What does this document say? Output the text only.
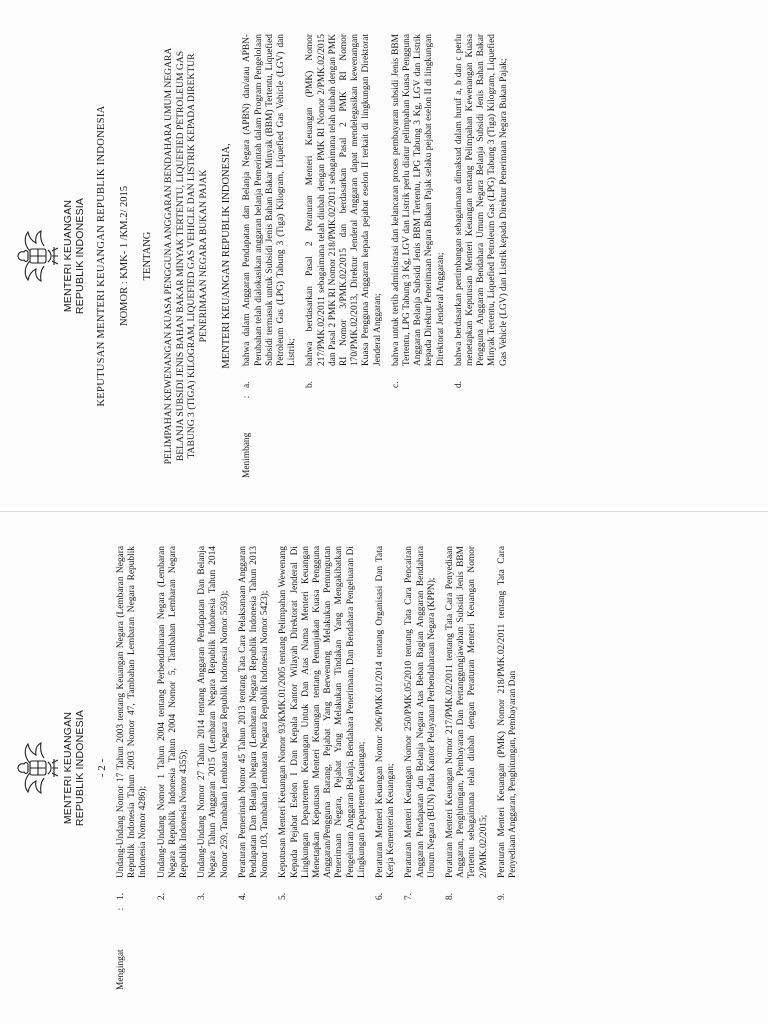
MENTERI KEUANGAN REPUBLIK INDONESIA KEPUTUSAN MENTERI KEUANGAN REPUBLIK INDONESIA NOMOR : KMK- 1 /KM.2/ 2015 TENTANG PELIMPAHAN KEWENANGAN KUASA PENGGUNA ANGGARAN BENDAHARA UMUM NEGARA BELANJA SUBSIDI JENIS BAHAN BAKAR MINYAK TERTENTU, LIQUEFIED PETROLEUM GAS TABUNG 3 (TIGA) KILOGRAM, LIQUEFIED GAS VEHICLE DAN LISTRIK KEPADA DIREKTUR PENERIMAAN NEGARA BUKAN PAJAK MENTERI KEUANGAN REPUBLIK INDONESIA,
Menimbang
:
a.
bahwa dalam Anggaran Pendapatan dan Belanja Negara (APBN) dan/atau APBN-Perubahan telah dialokasikan anggaran belanja Pemerintah dalam Program Pengelolaan Subsidi termasuk untuk Subsidi Jenis Bahan Bakar Minyak (BBM) Tertentu, Liquefied Petroleum Gas (LPG) Tabung 3 (Tiga) Kilogram, Liquefied Gas Vehicle (LGV) dan Listrik;
b.
bahwa berdasarkan Pasal 2 Peraturan Menteri Keuangan (PMK) Nomor 217/PMK.02/2011 sebagaimana telah diubah dengan PMK RI Nomor 2/PMK.02/2015 dan Pasal 2 PMK RI Nomor 218/PMK.02/2011 sebagaimana telah diubah dengan PMK RI Nomor 3/PMK.02/2015 dan berdasarkan Pasal 2 PMK RI Nomor 170/PMK.02/2013, Direktur Jenderal Anggaran dapat mendelegasikan kewenangan Kuasa Pengguna Anggaran kepada pejabat eselon II terkait di lingkungan Direktorat Jenderal Anggaran;
c.
bahwa untuk tertib administrasi dan kelancaran proses pembayaran subsidi Jenis BBM Tertentu, LPG Tabung 3 Kg, LGV dan Listrik perlu diatur pelimpahan Kuasa Pengguna Anggaran Belanja Subsidi Jenis BBM Tertentu, LPG Tabung 3 Kg, LGV dan Listrik kepada Direktur Penerimaan Negara Bukan Pajak selaku pejabat eselon II di lingkungan Direktorat Jenderal Anggaran;
d.
bahwa berdasarkan pertimbangan sebagaimana dimaksud dalam huruf a, b dan c perlu menetapkan Keputusan Menteri Keuangan tentang Pelimpahan Kewenangan Kuasa Pengguna Anggaran Bendahara Umum Negara Belanja Subsidi Jenis Bahan Bakar Minyak Tertentu, Liquefied Petroleum Gas (LPG) Tabung 3 (Tiga) Kilogram, Liquefied Gas Vehicle (LGV) dan Listrik kepada Direktur Penerimaan Negara Bukan Pajak;
MENTERI KEUANGAN REPUBLIK INDONESIA - 2 -
Mengingat
:
1.
Undang-Undang Nomor 17 Tahun 2003 tentang Keuangan Negara (Lembaran Negara Republik Indonesia Tahun 2003 Nomor 47, Tambahan Lembaran Negara Republik Indonesia Nomor 4286);
2.
Undang-Undang Nomor 1 Tahun 2004 tentang Perbendaharaan Negara (Lembaran Negara Republik Indonesia Tahun 2004 Nomor 5, Tambahan Lembaran Negara Republik Indonesia Nomor 4355);
3.
Undang-Undang Nomor 27 Tahun 2014 tentang Anggaran Pendapatan Dan Belanja Negara Tahun Anggaran 2015 (Lembaran Negara Republik Indonesia Tahun 2014 Nomor 259, Tambahan Lembaran Negara Republik Indonesia Nomor 5593);
4.
Peraturan Pemerintah Nomor 45 Tahun 2013 tentang Tata Cara Pelaksanaan Anggaran Pendapatan Dan Belanja Negara (Lembaran Negara Republik Indonesia Tahun 2013 Nomor 103, Tambahan Lembaran Negara Republik Indonesia Nomor 5423);
5.
Keputusan Menteri Keuangan Nomor 93/KMK.01/2005 tentang Pelimpahan Wewenang Kepada Pejabat Eselon I Dan Kepala Kantor Wilayah Direktorat Jenderal Di Lingkungan Departemen Keuangan Untuk Dan Atas Nama Menteri Keuangan Menetapkan Keputusan Menteri Keuangan tentang Penunjukan Kuasa Pengguna Anggaran/Pengguna Barang, Pejabat Yang Berwenang Melakukan Pemungutan Penerimaan Negara, Pejabat Yang Melakukan Tindakan Yang Mengakibatkan Pengeluaran Anggaran Belanja, Bendahara Penerimaan, Dan Bendahara Pengeluaran Di Lingkungan Departemen Keuangan;
6.
Peraturan Menteri Keuangan Nomor 206/PMK.01/2014 tentang Organisasi Dan Tata Kerja Kementerian Keuangan;
7.
Peraturan Menteri Keuangan Nomor 250/PMK.05/2010 tentang Tata Cara Pencairan Anggaran Pendapatan dan Belanja Negara Atas Beban Bagian Anggaran Bendahara Umum Negara (BUN) Pada Kantor Pelayanan Perbendaharaan Negara (KPPN);
8.
Peraturan Menteri Keuangan Nomor 217/PMK.02/2011 tentang Tata Cara Penyediaan Anggaran, Penghitungan, Pembayaran Dan Pertanggungjawaban Subsidi Jenis BBM Tertentu sebagaimana telah diubah dengan Peraturan Menteri Keuangan Nomor 2/PMK.02/2015;
9.
Peraturan Menteri Keuangan (PMK) Nomor 218/PMK.02/2011 tentang Tata Cara Penyediaan Anggaran, Penghitungan, Pembayaran Dan
